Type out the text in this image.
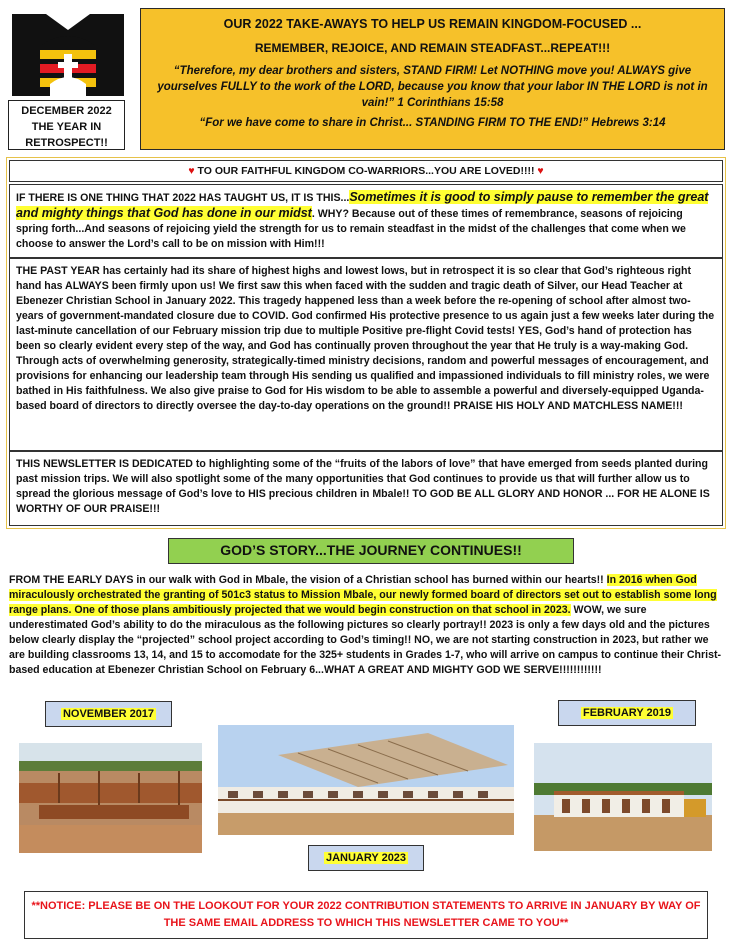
DECEMBER 2022
THE YEAR IN
RETROSPECT!!
OUR 2022 TAKE-AWAYS TO HELP US REMAIN KINGDOM-FOCUSED ...
REMEMBER, REJOICE, AND REMAIN STEADFAST...REPEAT!!!
“Therefore, my dear brothers and sisters, STAND FIRM! Let NOTHING move you! ALWAYS give yourselves FULLY to the work of the LORD, because you know that your labor IN THE LORD is not in vain!” 1 Corinthians 15:58
“For we have come to share in Christ... STANDING FIRM TO THE END!” Hebrews 3:14
♥ TO OUR FAITHFUL KINGDOM CO-WARRIORS...YOU ARE LOVED!!!! ♥
IF THERE IS ONE THING THAT 2022 HAS TAUGHT US, IT IS THIS...Sometimes it is good to simply pause to remember the great and mighty things that God has done in our midst. WHY? Because out of these times of remembrance, seasons of rejoicing spring forth...And seasons of rejoicing yield the strength for us to remain steadfast in the midst of the challenges that come when we choose to answer the Lord’s call to be on mission with Him!!!
THE PAST YEAR has certainly had its share of highest highs and lowest lows, but in retrospect it is so clear that God’s righteous right hand has ALWAYS been firmly upon us! We first saw this when faced with the sudden and tragic death of Silver, our Head Teacher at Ebenezer Christian School in January 2022. This tragedy happened less than a week before the re-opening of school after almost two-years of government-mandated closure due to COVID. God confirmed His protective presence to us again just a few weeks later during the last-minute cancellation of our February mission trip due to multiple Positive pre-flight Covid tests! YES, God’s hand of protection has been so clearly evident every step of the way, and God has continually proven throughout the year that He truly is a way-making God. Through acts of overwhelming generosity, strategically-timed ministry decisions, random and powerful messages of encouragement, and provisions for enhancing our leadership team through His sending us qualified and impassioned individuals to fill ministry roles, we were bathed in His faithfulness. We also give praise to God for His wisdom to be able to assemble a powerful and diversely-equipped Uganda-based board of directors to directly oversee the day-to-day operations on the ground!! PRAISE HIS HOLY AND MATCHLESS NAME!!!
THIS NEWSLETTER IS DEDICATED to highlighting some of the “fruits of the labors of love” that have emerged from seeds planted during past mission trips. We will also spotlight some of the many opportunities that God continues to provide us that will further allow us to spread the glorious message of God’s love to HIS precious children in Mbale!! TO GOD BE ALL GLORY AND HONOR ... FOR HE ALONE IS WORTHY OF OUR PRAISE!!!
GOD’S STORY...THE JOURNEY CONTINUES!!
FROM THE EARLY DAYS in our walk with God in Mbale, the vision of a Christian school has burned within our hearts!! In 2016 when God miraculously orchestrated the granting of 501c3 status to Mission Mbale, our newly formed board of directors set out to establish some long range plans. One of those plans ambitiously projected that we would begin construction on that school in 2023. WOW, we sure underestimated God’s ability to do the miraculous as the following pictures so clearly portray!! 2023 is only a few days old and the pictures below clearly display the “projected” school project according to God’s timing!! NO, we are not starting construction in 2023, but rather we are building classrooms 13, 14, and 15 to accomodate for the 325+ students in Grades 1-7, who will arrive on campus to continue their Christ-based education at Ebenezer Christian School on February 6...WHAT A GREAT AND MIGHTY GOD WE SERVE!!!!!!!!!!!!
NOVEMBER 2017	FEBRUARY 2019
JANUARY 2023
**NOTICE: PLEASE BE ON THE LOOKOUT FOR YOUR 2022 CONTRIBUTION STATEMENTS TO ARRIVE IN JANUARY BY WAY OF THE SAME EMAIL ADDRESS TO WHICH THIS NEWSLETTER CAME TO YOU**
